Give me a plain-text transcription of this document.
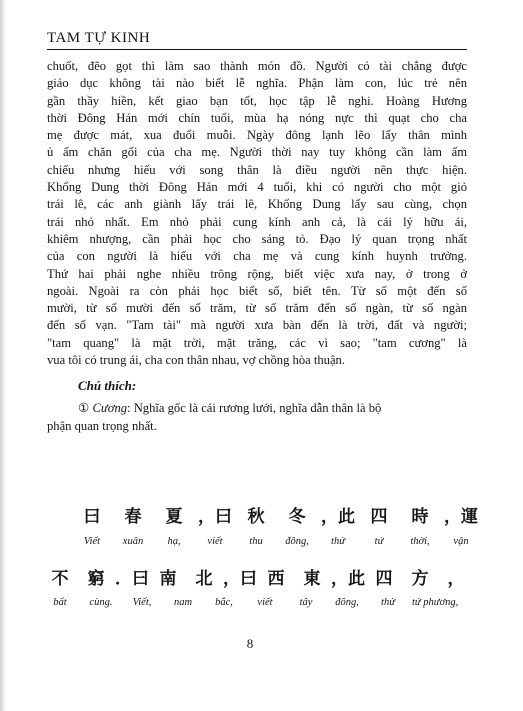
TAM TỰ KINH
chuốt, đẽo gọt thì làm sao thành món đồ. Người có tài chẳng được
giáo dục không tài nào biết lễ nghĩa. Phận làm con, lúc trẻ nên
gần thầy hiền, kết giao bạn tốt, học tập lễ nghi. Hoàng Hương
thời Đông Hán mới chín tuổi, mùa hạ nóng nực thì quạt cho cha
mẹ được mát, xua đuổi muỗi. Ngày đông lạnh lẽo lấy thân mình
ủ ấm chăn gối của cha mẹ. Người thời nay tuy không cần làm ấm
chiếu nhưng hiếu với song thân là điều người nên thực hiện.
Khổng Dung thời Đông Hán mới 4 tuổi, khi có người cho một giỏ
trái lê, các anh giành lấy trái lê, Khổng Dung lấy sau cùng, chọn
trái nhỏ nhất. Em nhỏ phải cung kính anh cả, là cái lý hữu ái,
khiêm nhượng, cần phải học cho sáng tỏ. Đạo lý quan trọng nhất
của con người là hiếu với cha mẹ và cung kính huynh trưởng.
Thứ hai phải nghe nhiều trông rộng, biết việc xưa nay, ở trong ở
ngoài. Ngoài ra còn phải học biết số, biết tên. Từ số một đến số
mười, từ số mười đến số trăm, từ số trăm đến số ngàn, từ số ngàn
đến số vạn. "Tam tài" mà người xưa bàn đến là trời, đất và người;
"tam quang" là mặt trời, mặt trăng, các vì sao; "tam cương" là
vua tôi có trung ái, cha con thân nhau, vợ chồng hòa thuận.
Chú thích:
① Cương: Nghĩa gốc là cái rương lưới, nghĩa dẫn thân là bộ
phận quan trọng nhất.
曰	春	夏 ，曰 秋	冬 ，此 四	時 ，運
Viết	xuân	hạ,	viết	thu	đông,	thử	tứ	thời,	vận
不	窮 ．曰 南	北 ，曰 西	東 ，此 四	方	，
bất	cùng.	Viết,	nam	bắc,	viết	tây	đông,	thử	tứ phương,
8
